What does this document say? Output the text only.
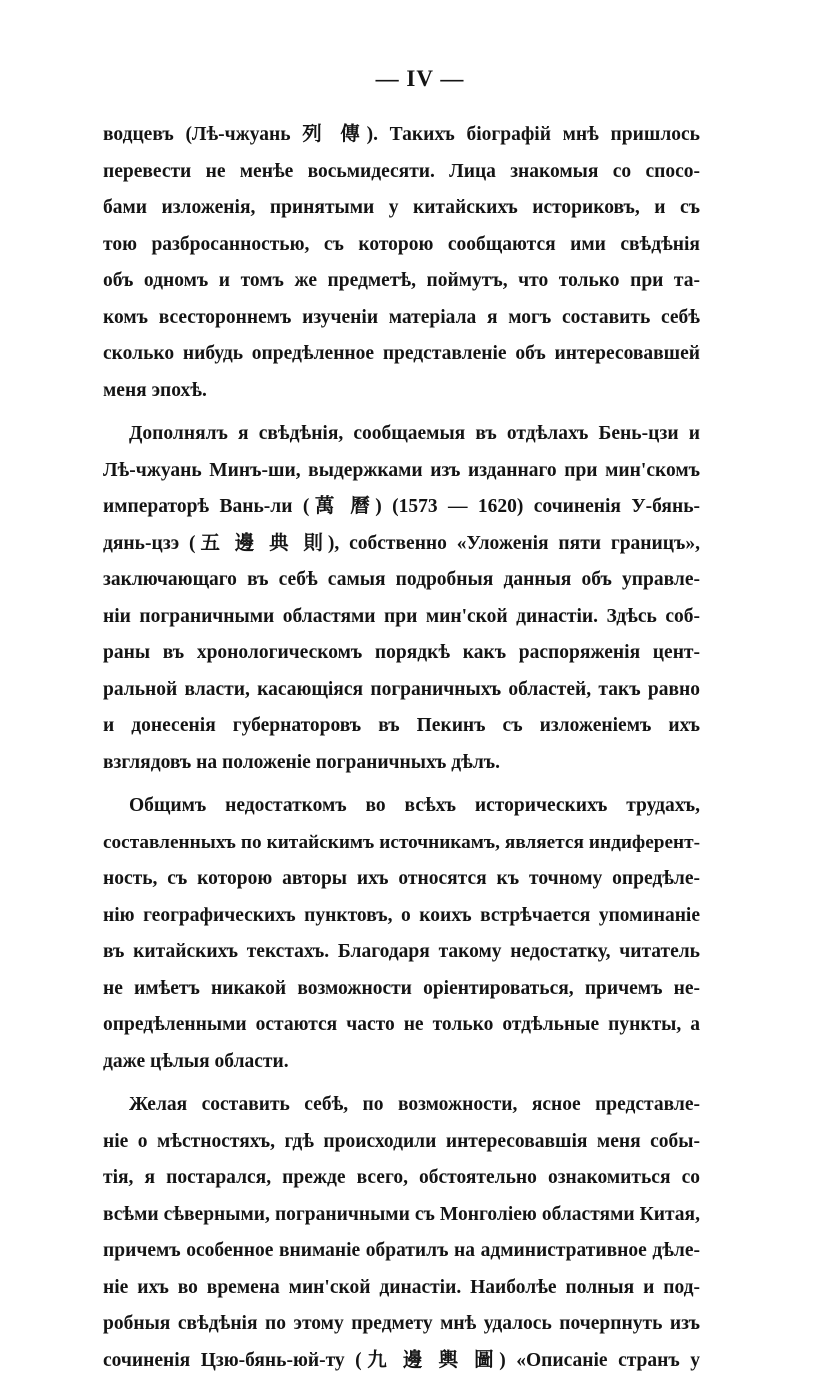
— IV —
водцевъ (Лѣ-чжуань 列 傳). Такихъ біографій мнѣ пришлось
перевести не менѣе восьмидесяти. Лица знакомыя со спосо-
бами изложенія, принятыми у китайскихъ историковъ, и съ
тою разбросанностью, съ которою сообщаются ими свѣдѣнія
объ одномъ и томъ же предметѣ, поймутъ, что только при та-
комъ всестороннемъ изученіи матеріала я могъ составить себѣ
сколько нибудь опредѣленное представленіе объ интересовавшей
меня эпохѣ.
Дополнялъ я свѣдѣнія, сообщаемыя въ отдѣлахъ Бень-цзи и
Лѣ-чжуань Минъ-ши, выдержками изъ изданнаго при мин'скомъ
императорѣ Вань-ли (萬 曆) (1573 — 1620) сочиненія У-бянь-
дянь-цзэ (五 邊 典 則), собственно «Уложенія пяти границъ»,
заключающаго въ себѣ самыя подробныя данныя объ управле-
ніи пограничными областями при мин'ской династіи. Здѣсь соб-
раны въ хронологическомъ порядкѣ какъ распоряженія цент-
ральной власти, касающіяся пограничныхъ областей, такъ равно
и донесенія губернаторовъ въ Пекинъ съ изложеніемъ ихъ
взглядовъ на положеніе пограничныхъ дѣлъ.
Общимъ недостаткомъ во всѣхъ историческихъ трудахъ,
составленныхъ по китайскимъ источникамъ, является индиферент-
ность, съ которою авторы ихъ относятся къ точному опредѣле-
нію географическихъ пунктовъ, о коихъ встрѣчается упоминаніе
въ китайскихъ текстахъ. Благодаря такому недостатку, читатель
не имѣетъ никакой возможности оріентироваться, причемъ не-
опредѣленными остаются часто не только отдѣльные пункты, а
даже цѣлыя области.
Желая составить себѣ, по возможности, ясное представле-
ніе о мѣстностяхъ, гдѣ происходили интересовавшія меня собы-
тія, я постарался, прежде всего, обстоятельно ознакомиться со
всѣми сѣверными, пограничными съ Монголіею областями Китая,
причемъ особенное вниманіе обратилъ на административное дѣле-
ніе ихъ во времена мин'ской династіи. Наиболѣе полныя и под-
робныя свѣдѣнія по этому предмету мнѣ удалось почерпнуть изъ
сочиненія Цзю-бянь-юй-ту (九 邊 輿 圖) «Описаніе странъ у
